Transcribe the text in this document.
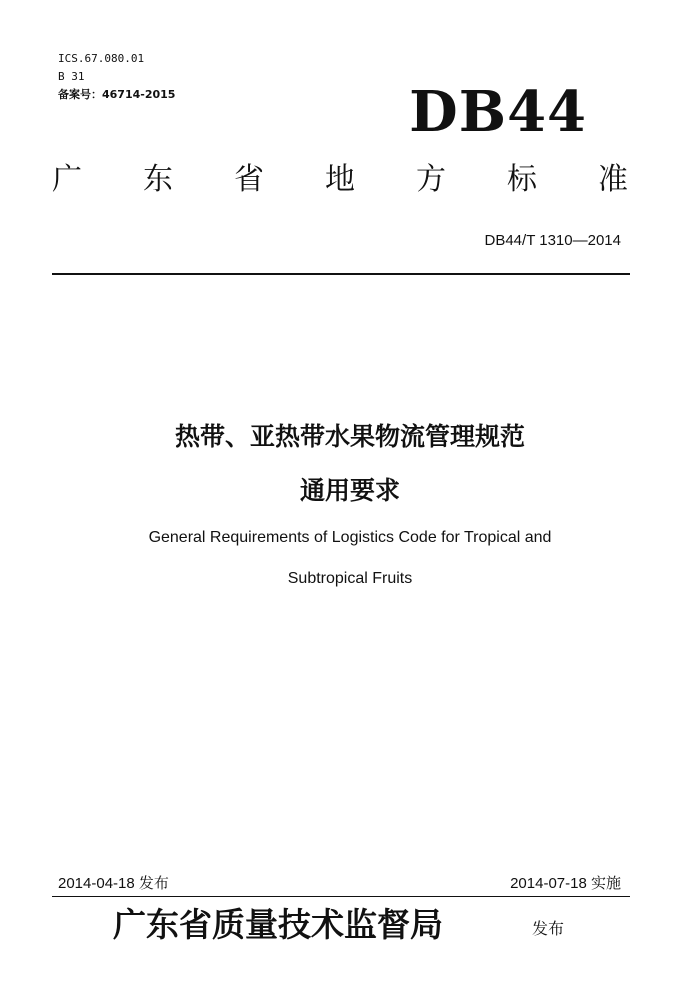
ICS.67.080.01
B 31
备案号：46714-2015	DB44
广 东 省 地 方 标 准
DB44/T 1310—2014
热带、亚热带水果物流管理规范
通用要求
General Requirements of Logistics Code for Tropical and
Subtropical Fruits
2014-04-18 发布	2014-07-18 实施
广东省质量技术监督局	发布
